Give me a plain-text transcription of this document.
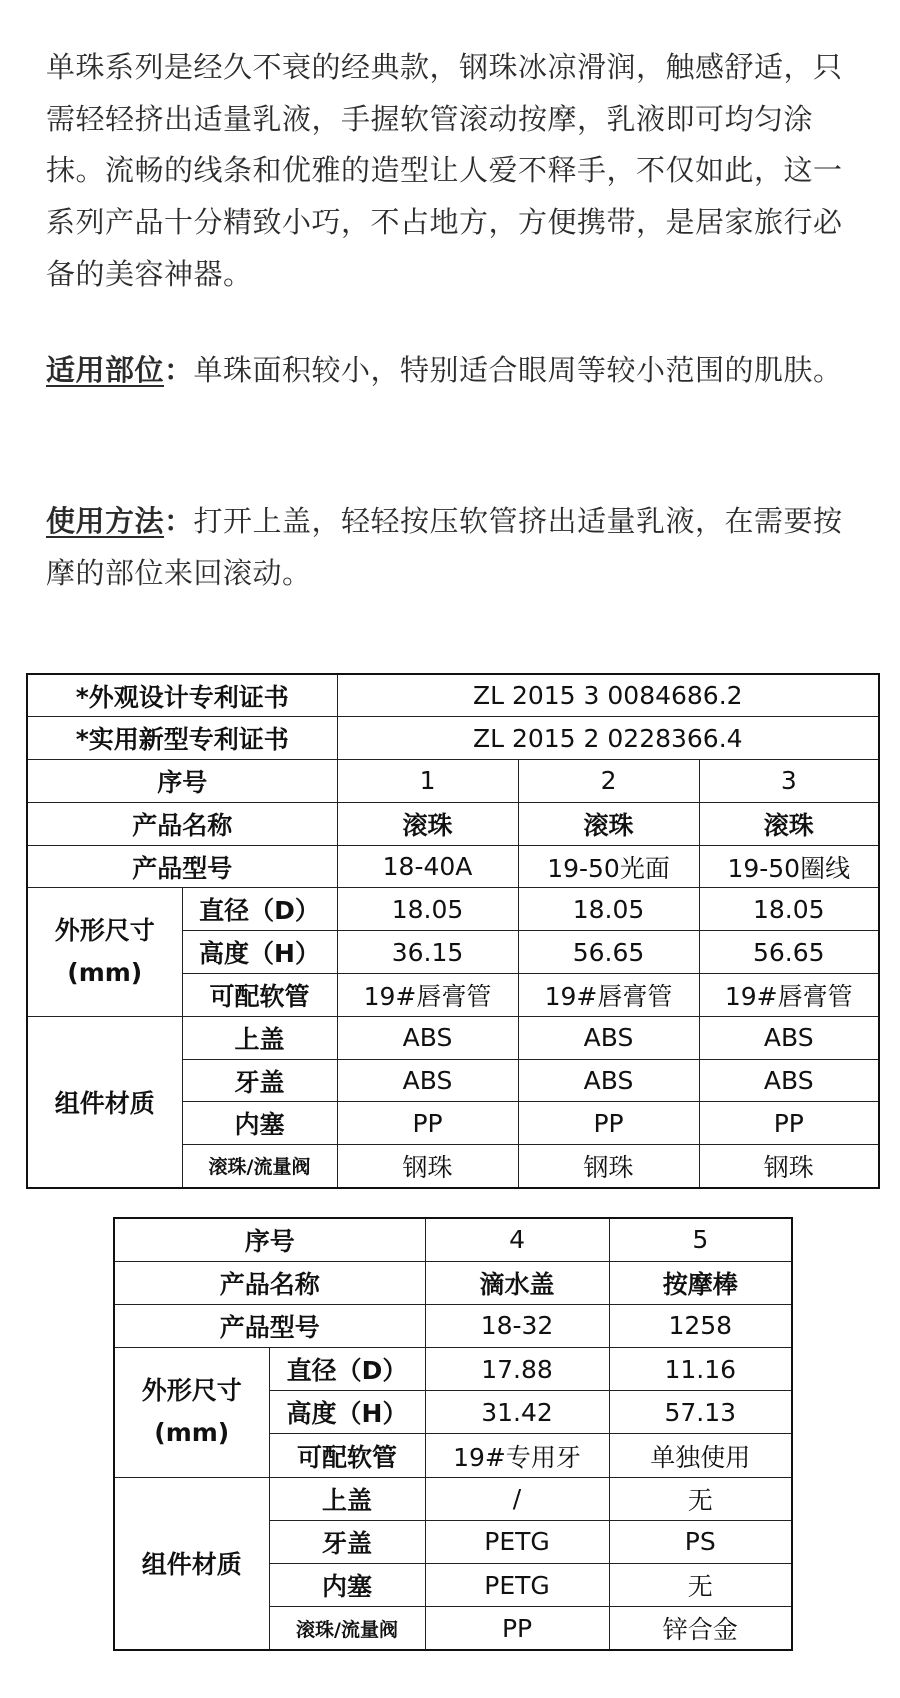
单珠系列是经久不衰的经典款，钢珠冰凉滑润，触感舒适，只需轻轻挤出适量乳液，手握软管滚动按摩，乳液即可均匀涂抹。流畅的线条和优雅的造型让人爱不释手，不仅如此，这一系列产品十分精致小巧，不占地方，方便携带，是居家旅行必备的美容神器。

适用部位：单珠面积较小，特别适合眼周等较小范围的肌肤。

使用方法：打开上盖，轻轻按压软管挤出适量乳液，在需要按摩的部位来回滚动。

*外观设计专利证书		ZL 2015 3 0084686.2		
*实用新型专利证书		ZL 2015 2 0228366.4		
序号		1	2	3
产品名称		滚珠	滚珠	滚珠
产品型号		18-40A	19-50光面	19-50圈线
外形尺寸
(mm)	直径（D）	18.05	18.05	18.05
	高度（H）	36.15	56.65	56.65
	可配软管	19#唇膏管	19#唇膏管	19#唇膏管
组件材质	上盖	ABS	ABS	ABS
	牙盖	ABS	ABS	ABS
	内塞	PP	PP	PP
	滚珠/流量阀	钢珠	钢珠	钢珠
序号		4	5
产品名称		滴水盖	按摩棒
产品型号		18-32	1258
外形尺寸
(mm)	直径（D）	17.88	11.16
	高度（H）	31.42	57.13
	可配软管	19#专用牙	单独使用
组件材质	上盖	/	无
	牙盖	PETG	PS
	内塞	PETG	无
	滚珠/流量阀	PP	锌合金
